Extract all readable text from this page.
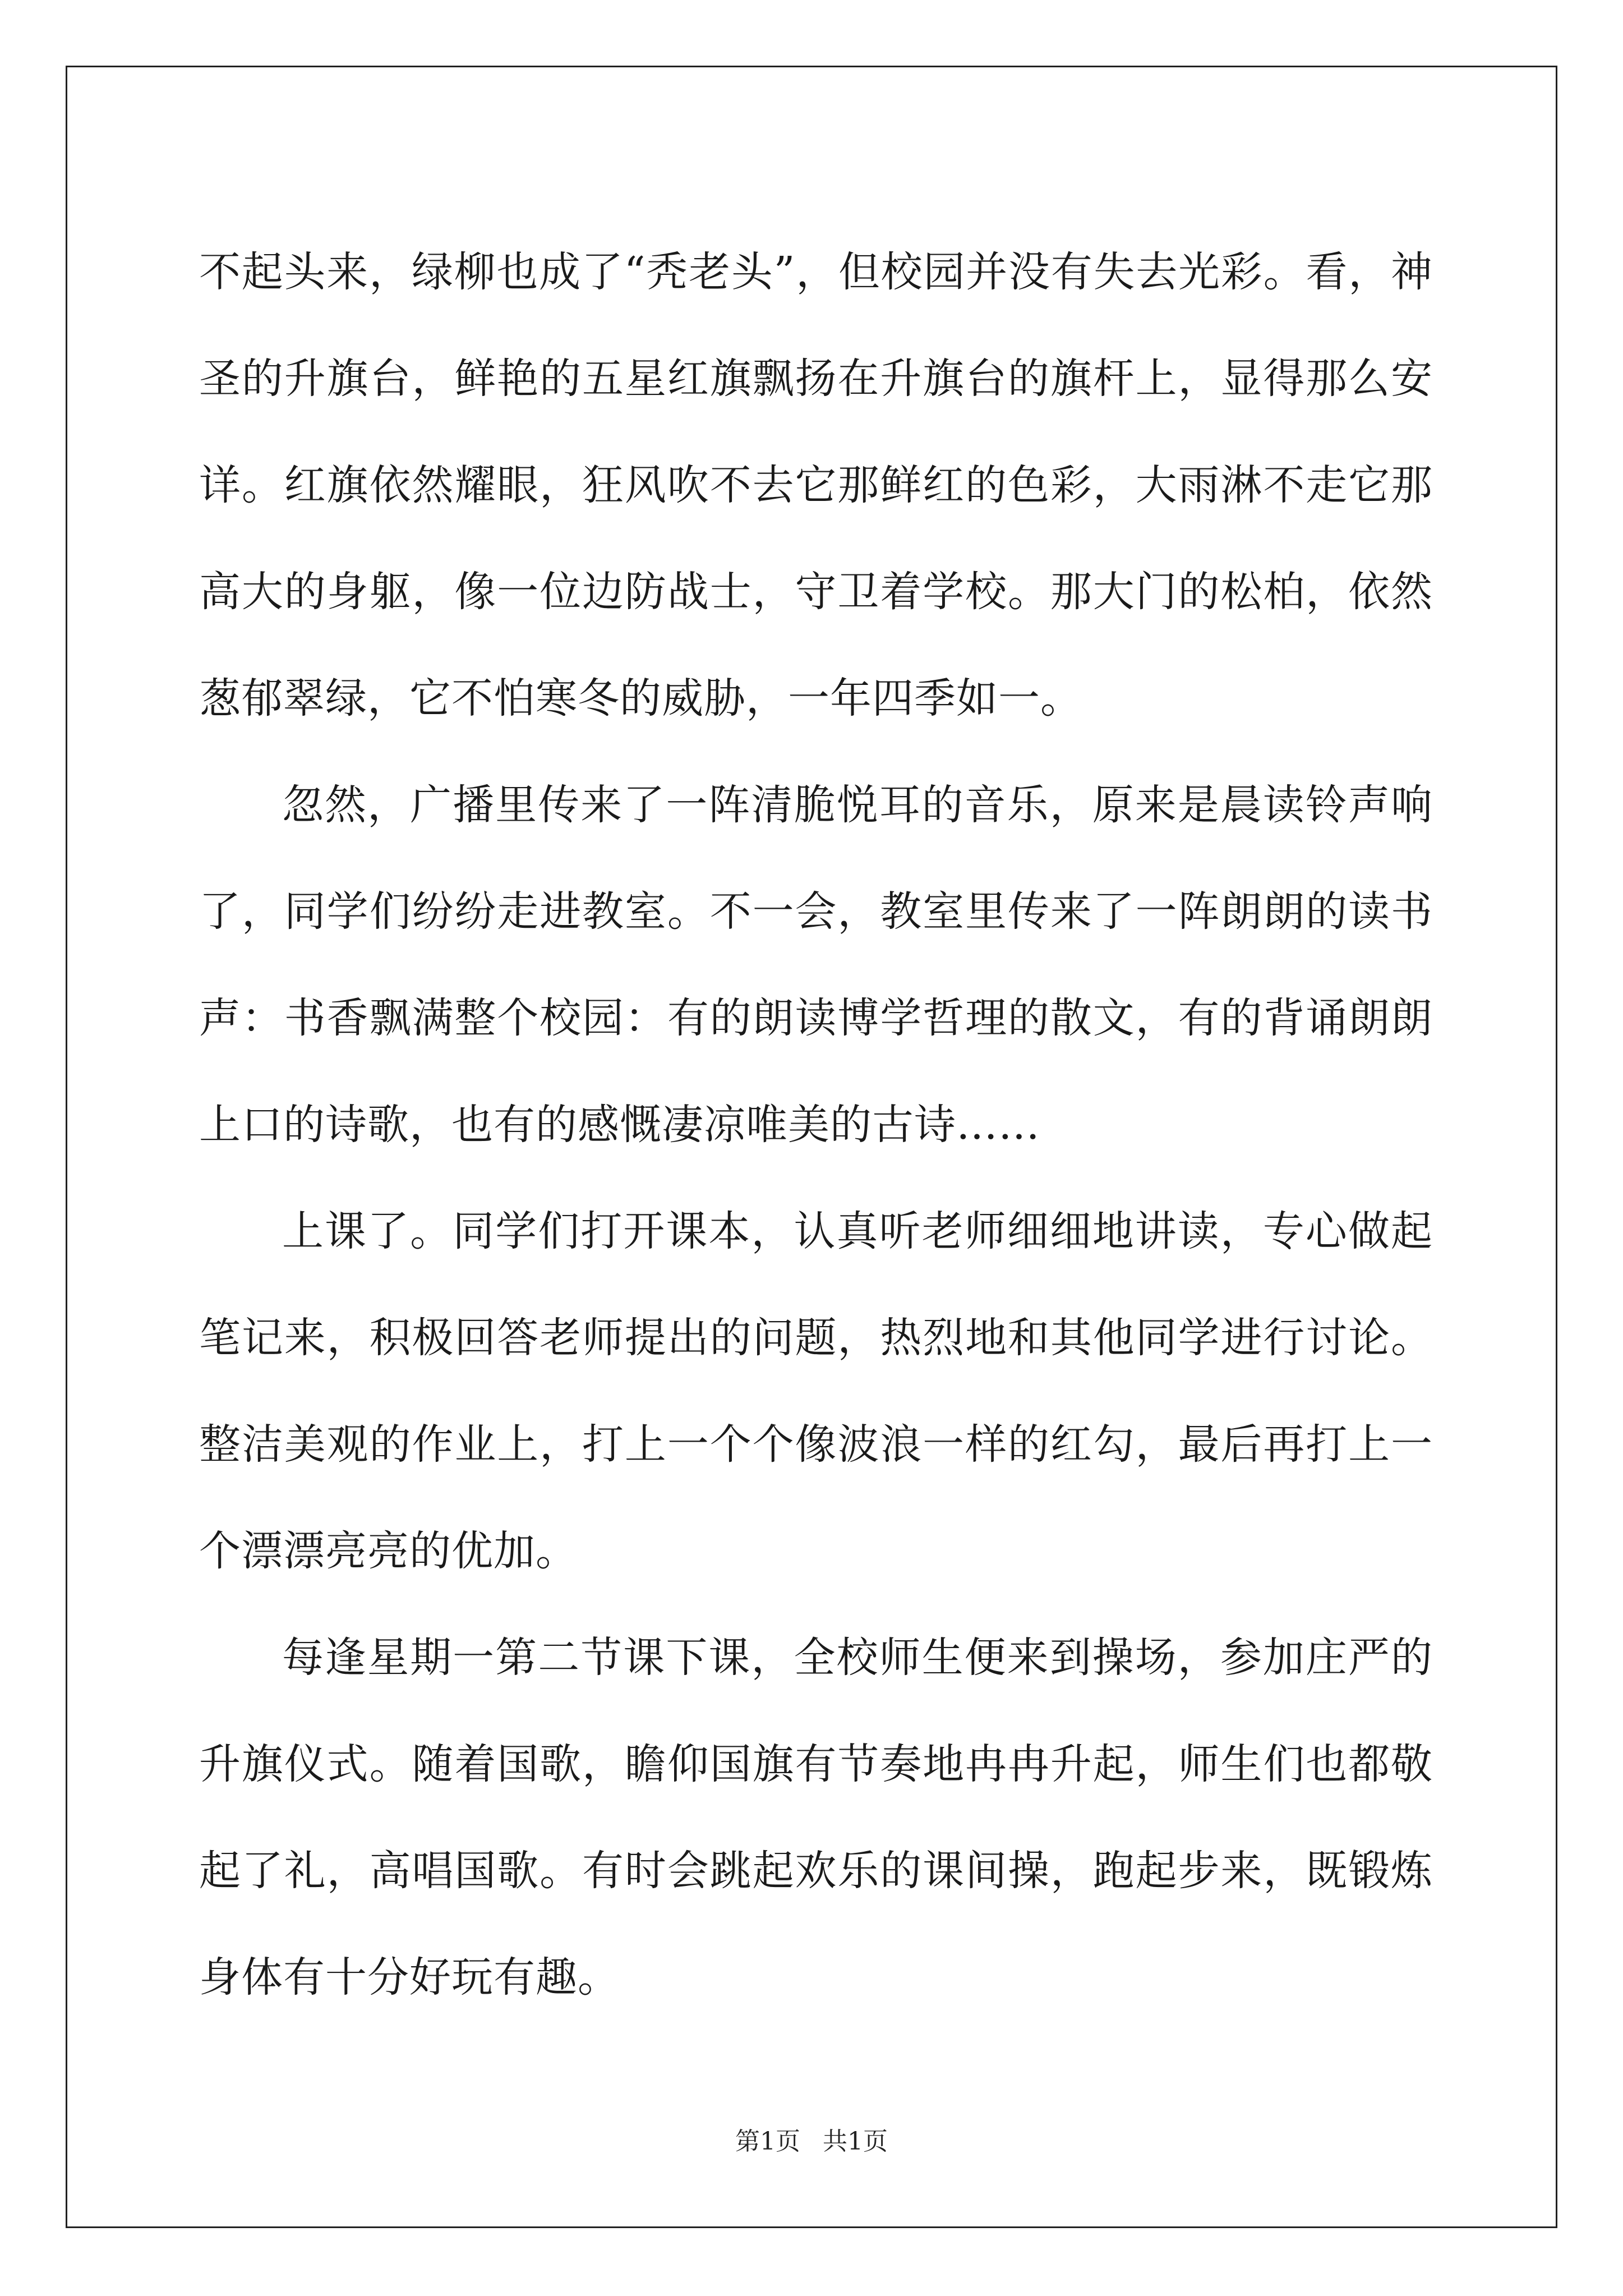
不起头来，绿柳也成了“秃老头”，但校园并没有失去光彩。看，神圣的升旗台，鲜艳的五星红旗飘扬在升旗台的旗杆上，显得那么安详。红旗依然耀眼，狂风吹不去它那鲜红的色彩，大雨淋不走它那高大的身躯，像一位边防战士，守卫着学校。那大门的松柏，依然葱郁翠绿，它不怕寒冬的威胁，一年四季如一。

忽然，广播里传来了一阵清脆悦耳的音乐，原来是晨读铃声响了，同学们纷纷走进教室。不一会，教室里传来了一阵朗朗的读书声：书香飘满整个校园：有的朗读博学哲理的散文，有的背诵朗朗上口的诗歌，也有的感慨凄凉唯美的古诗……

上课了。同学们打开课本，认真听老师细细地讲读，专心做起笔记来，积极回答老师提出的问题，热烈地和其他同学进行讨论。整洁美观的作业上，打上一个个像波浪一样的红勾，最后再打上一个漂漂亮亮的优加。

每逢星期一第二节课下课，全校师生便来到操场，参加庄严的升旗仪式。随着国歌，瞻仰国旗有节奏地冉冉升起，师生们也都敬起了礼，高唱国歌。有时会跳起欢乐的课间操，跑起步来，既锻炼身体有十分好玩有趣。

第1页 共1页
